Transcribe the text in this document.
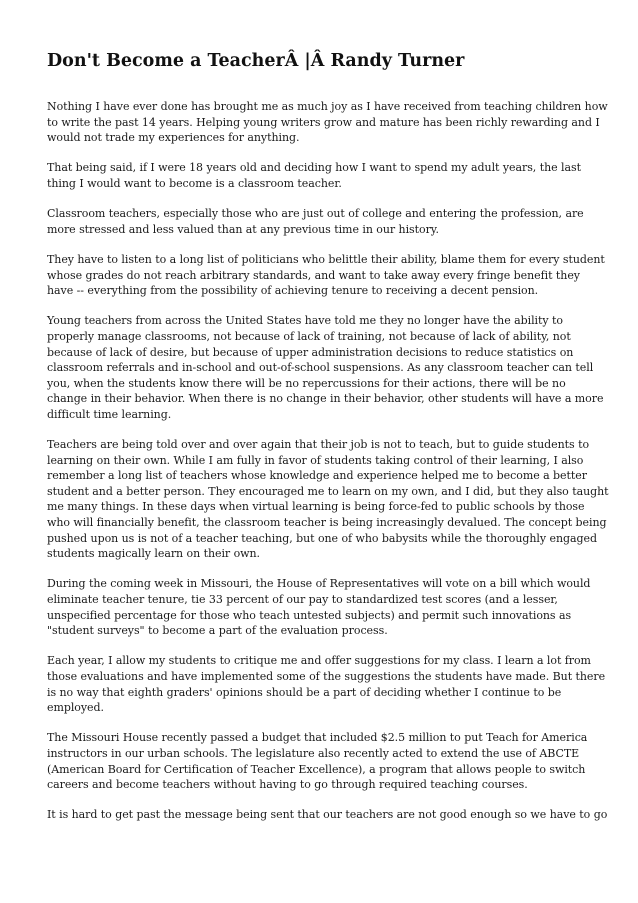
Don't Become a TeacherÂ |Â Randy Turner

Nothing I have ever done has brought me as much joy as I have received from teaching children how
to write the past 14 years. Helping young writers grow and mature has been richly rewarding and I
would not trade my experiences for anything.

That being said, if I were 18 years old and deciding how I want to spend my adult years, the last
thing I would want to become is a classroom teacher.

Classroom teachers, especially those who are just out of college and entering the profession, are
more stressed and less valued than at any previous time in our history.

They have to listen to a long list of politicians who belittle their ability, blame them for every student
whose grades do not reach arbitrary standards, and want to take away every fringe benefit they
have -- everything from the possibility of achieving tenure to receiving a decent pension.

Young teachers from across the United States have told me they no longer have the ability to
properly manage classrooms, not because of lack of training, not because of lack of ability, not
because of lack of desire, but because of upper administration decisions to reduce statistics on
classroom referrals and in-school and out-of-school suspensions. As any classroom teacher can tell
you, when the students know there will be no repercussions for their actions, there will be no
change in their behavior. When there is no change in their behavior, other students will have a more
difficult time learning.

Teachers are being told over and over again that their job is not to teach, but to guide students to
learning on their own. While I am fully in favor of students taking control of their learning, I also
remember a long list of teachers whose knowledge and experience helped me to become a better
student and a better person. They encouraged me to learn on my own, and I did, but they also taught
me many things. In these days when virtual learning is being force-fed to public schools by those
who will financially benefit, the classroom teacher is being increasingly devalued. The concept being
pushed upon us is not of a teacher teaching, but one of who babysits while the thoroughly engaged
students magically learn on their own.

During the coming week in Missouri, the House of Representatives will vote on a bill which would
eliminate teacher tenure, tie 33 percent of our pay to standardized test scores (and a lesser,
unspecified percentage for those who teach untested subjects) and permit such innovations as
"student surveys" to become a part of the evaluation process.

Each year, I allow my students to critique me and offer suggestions for my class. I learn a lot from
those evaluations and have implemented some of the suggestions the students have made. But there
is no way that eighth graders' opinions should be a part of deciding whether I continue to be
employed.

The Missouri House recently passed a budget that included $2.5 million to put Teach for America
instructors in our urban schools. The legislature also recently acted to extend the use of ABCTE
(American Board for Certification of Teacher Excellence), a program that allows people to switch
careers and become teachers without having to go through required teaching courses.

It is hard to get past the message being sent that our teachers are not good enough so we have to go
